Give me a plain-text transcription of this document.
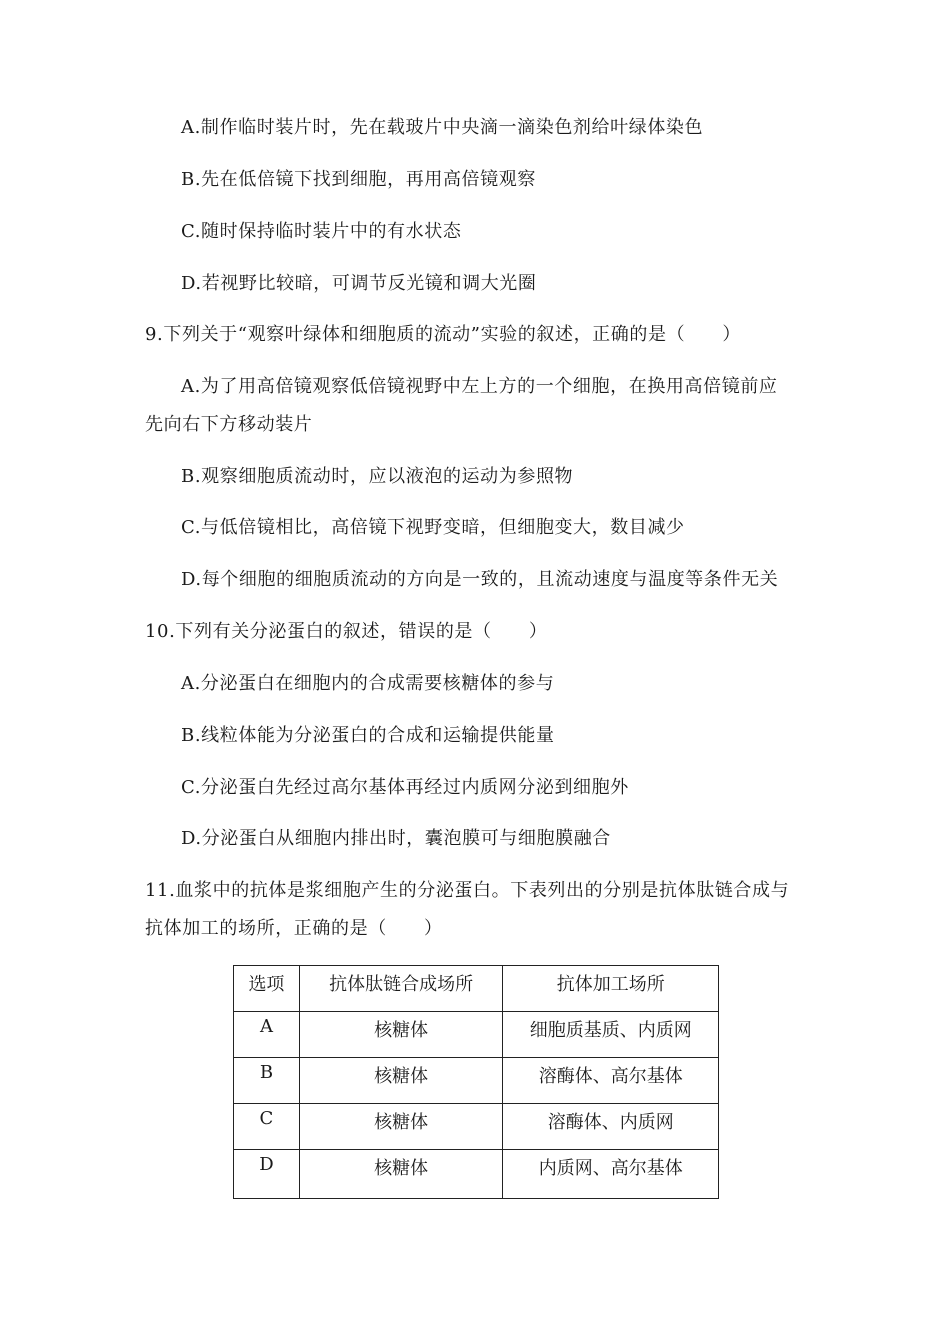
A.制作临时装片时，先在载玻片中央滴一滴染色剂给叶绿体染色
B.先在低倍镜下找到细胞，再用高倍镜观察
C.随时保持临时装片中的有水状态
D.若视野比较暗，可调节反光镜和调大光圈
9.下列关于“观察叶绿体和细胞质的流动”实验的叙述，正确的是（　　）
A.为了用高倍镜观察低倍镜视野中左上方的一个细胞，在换用高倍镜前应
先向右下方移动装片
B.观察细胞质流动时，应以液泡的运动为参照物
C.与低倍镜相比，高倍镜下视野变暗，但细胞变大，数目减少
D.每个细胞的细胞质流动的方向是一致的，且流动速度与温度等条件无关
10.下列有关分泌蛋白的叙述，错误的是（　　）
A.分泌蛋白在细胞内的合成需要核糖体的参与
B.线粒体能为分泌蛋白的合成和运输提供能量
C.分泌蛋白先经过高尔基体再经过内质网分泌到细胞外
D.分泌蛋白从细胞内排出时，囊泡膜可与细胞膜融合
11.血浆中的抗体是浆细胞产生的分泌蛋白。下表列出的分别是抗体肽链合成与
抗体加工的场所，正确的是（　　）
选项	抗体肽链合成场所	抗体加工场所
A	核糖体	细胞质基质、内质网
B	核糖体	溶酶体、高尔基体
C	核糖体	溶酶体、内质网
D	核糖体	内质网、高尔基体
